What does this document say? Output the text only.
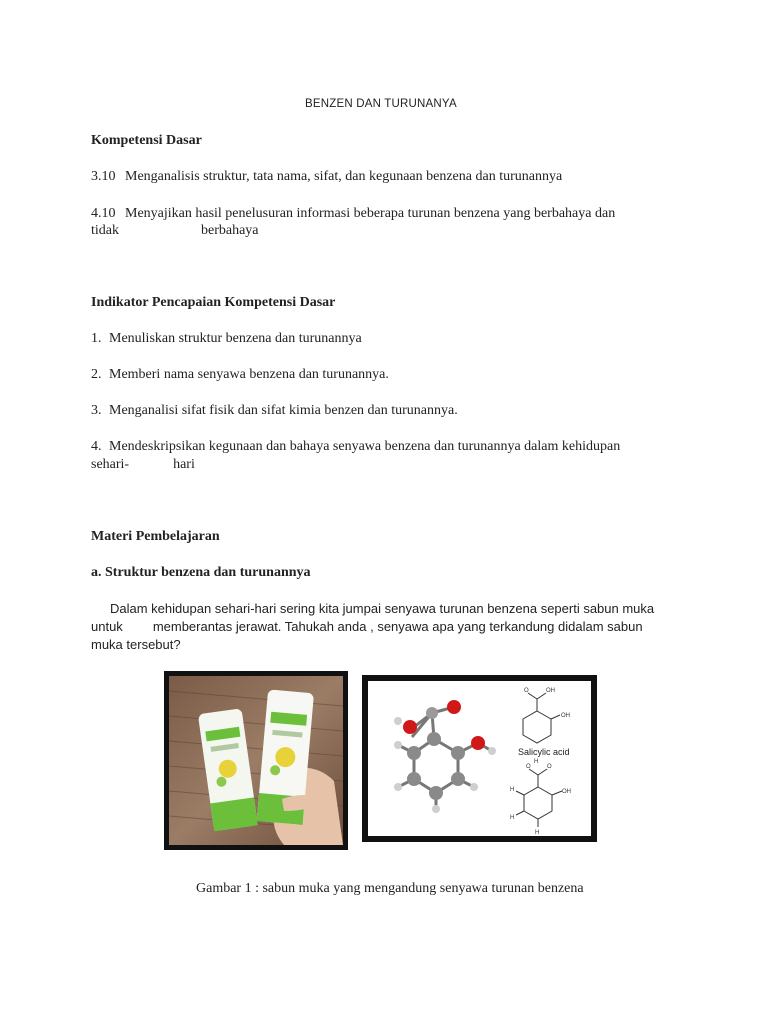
BENZEN DAN TURUNANYA
Kompetensi Dasar
3.10 Menganalisis struktur, tata nama, sifat, dan kegunaan benzena dan turunannya
4.10 Menyajikan hasil penelusuran informasi beberapa turunan benzena yang berbahaya dan
tidak	berbahaya
Indikator Pencapaian Kompetensi Dasar
1. Menuliskan struktur benzena dan turunannya
2. Memberi nama senyawa benzena dan turunannya.
3. Menganalisi sifat fisik dan sifat kimia benzen dan turunannya.
4. Mendeskripsikan kegunaan dan bahaya senyawa benzena dan turunannya dalam kehidupan
sehari-	hari
Materi Pembelajaran
a. Struktur benzena dan turunannya
Dalam kehidupan sehari-hari sering kita jumpai senyawa turunan benzena seperti sabun muka
untuk memberantas jerawat. Tahukah anda , senyawa apa yang terkandung didalam sabun
muka tersebut?
O	OH
OH
Salicylic acid
O	O
H
OH
H
H
H
Gambar 1 : sabun muka yang mengandung senyawa turunan benzena
